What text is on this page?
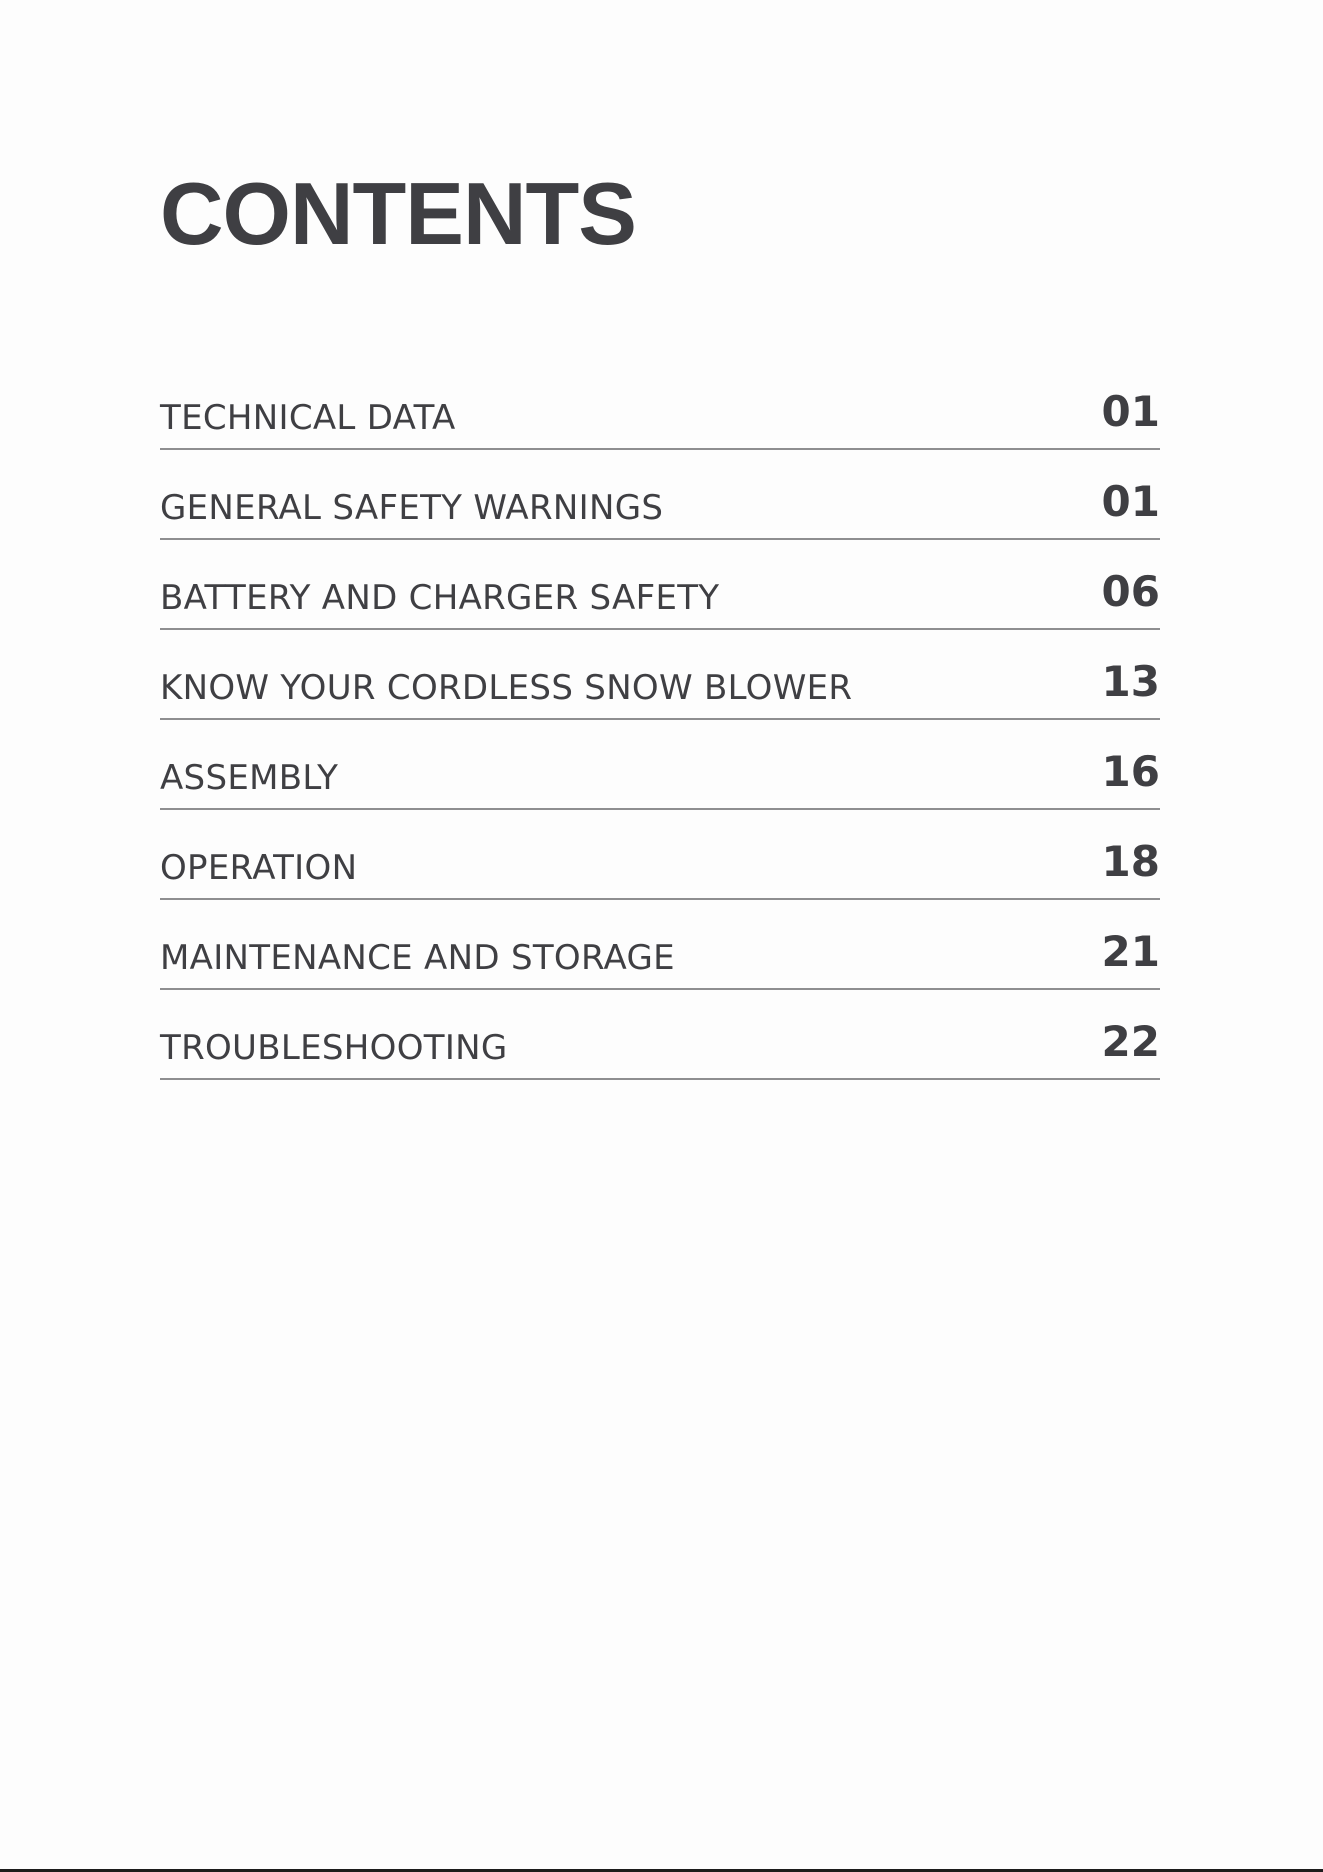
CONTENTS
TECHNICAL DATA	01
GENERAL SAFETY WARNINGS	01
BATTERY AND CHARGER SAFETY	06
KNOW YOUR CORDLESS SNOW BLOWER	13
ASSEMBLY	16
OPERATION	18
MAINTENANCE AND STORAGE	21
TROUBLESHOOTING	22
